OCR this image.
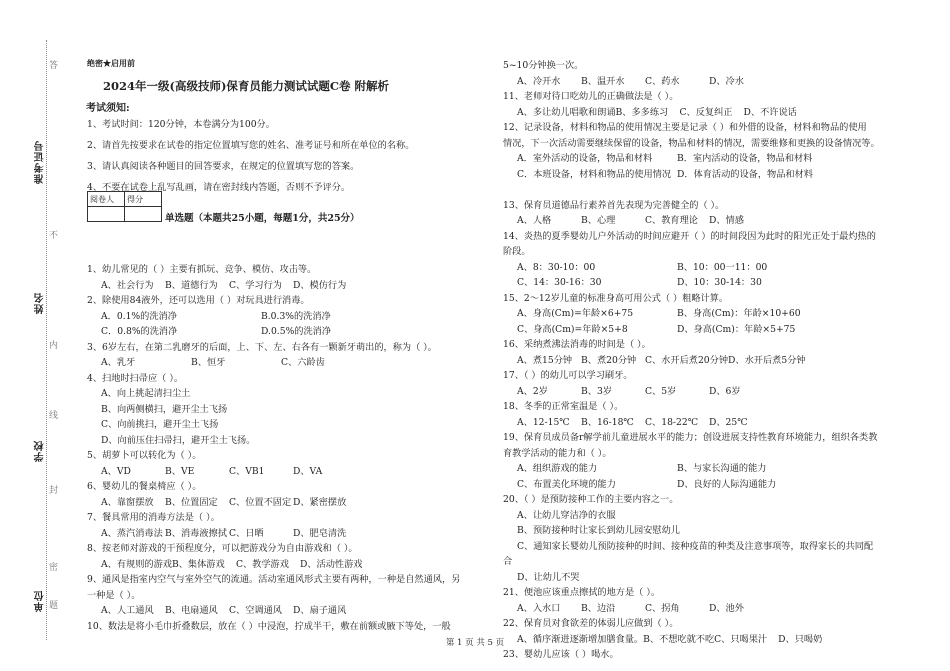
准考证号
姓名
学校
单位
答
不
内
线
封
密
题
绝密★启用前
2024年一级(高级技师)保育员能力测试试题C卷 附解析
考试须知:

1、考试时间：120分钟，本卷满分为100分。

2、请首先按要求在试卷的指定位置填写您的姓名、准考证号和所在单位的名称。

3、请认真阅读各种题目的回答要求，在规定的位置填写您的答案。

4、不要在试卷上乱写乱画，请在密封线内答题，否则不予评分。

阅卷人	得分

单选题（本题共25小题，每题1分，共25分）

1、幼儿常见的（ ）主要有抓玩、竞争、模仿、攻击等。

A、社会行为	B、道德行为	C、学习行为	D、模仿行为

2、除使用84液外，还可以选用（ ）对玩具进行消毒。

A．0.1%的洗消净	B.0.3%的洗消净

C．0.8%的洗消净	D.0.5%的洗消净

3、6岁左右，在第二乳磨牙的后面，上、下、左、右各有一颗新牙萌出的，称为（ ）。

A、乳牙	B、恒牙	C、六龄齿

4、扫地时扫帚应（ ）。

A、向上挑起清扫尘土

B、向两侧横扫，避开尘土飞扬

C、向前挑扫，避开尘土飞扬

D、向前压住扫帚扫，避开尘土飞扬。

5、胡萝卜可以转化为（ ）。

A、VD	B、VE	C、VB1	D、VA

6、婴幼儿的餐桌椅应（ ）。

A、靠窗摆放	B、位置固定	C、位置不固定 D、紧密摆放

7、餐具常用的消毒方法是（ ）。

A、蒸汽消毒法 B、消毒液擦拭 C、日晒	D、肥皂清洗

8、按老师对游戏的干预程度分，可以把游戏分为自由游戏和（ ）。

A、有规则的游戏 B、集体游戏	C、教学游戏	D、活动性游戏

9、通风是指室内空气与室外空气的流通。活动室通风形式主要有两种，一种是自然通风，另

一种是（ ）。

A、人工通风	B、电扇通风	C、空调通风	D、扇子通风

10、数法是将小毛巾折叠数层，放在（ ）中浸泡，拧成半干，敷在前额或腋下等处，一般

5~10分钟换一次。

A、冷开水	B、温开水	C、药水	D、冷水

11、老师对待口吃幼儿的正确做法是（ ）。

A、多让幼儿唱歌和朗诵 B、多多练习	C、反复纠正	D、不许说话

12、记录设备，材料和物品的使用情况主要是记录（ ）和外借的设备，材料和物品的使用

情况，下一次活动需要继续保留的设备，物品和材料的情况，需要维修和更换的设备情况等。

A．室外活动的设备，物品和材料	B．室内活动的设备，物品和材料

C．本班设备，材料和物品的使用情况 D．体育活动的设备，物品和材料

13、保育员道德品行素养首先表现为完善健全的（ ）。

A、人格	B、心理	C、教育理论	D、情感

14、炎热的夏季婴幼儿户外活动的时间应避开（ ）的时间段因为此时的阳光正处于最灼热的

阶段。

A、8：30-10：00	B、10：00一11：00

C、14：30-16：30	D、10：30-14：30

15、2～12岁儿童的标准身高可用公式（ ）粗略计算。

A、身高(Cm)=年龄×6+75	B、身高(Cm)：年龄×10+60

C、身高(Cm)=年龄×5+8	D、身高(Cm)：年龄×5+75

16、采纳煮沸法消毒的时间是（ ）。

A、煮15分钟 B、煮20分钟 C、水开后煮20分钟 D、水开后煮5分钟

17、（ ）的幼儿可以学习刷牙。

A、2岁	B、3岁	C、5岁	D、6岁

18、冬季的正常室温是（ ）。

A、12-15℃	B、16-18℃	C、18-22℃	D、25℃

19、保育员成员备r解学前儿童进展水平的能力；创设进展支持性教育环境能力，组织各类教

育教学活动的能力和（ ）。

A、组织游戏的能力	B、与家长沟通的能力

C、布置美化环境的能力	D、良好的人际沟通能力

20、（ ）是预防接种工作的主要内容之一。

A、让幼儿穿洁净的衣服

B、预防接种时让家长到幼儿园安慰幼儿

C、通知家长婴幼儿预防接种的时间、接种疫苗的种类及注意事项等，取得家长的共同配

合

D、让幼儿不哭

21、便池应该重点擦拭的地方是（ ）。

A、入水口	B、边沿	C、拐角	D、池外

22、保育员对食欲差的体弱儿应做到（ ）。

A、循序渐进逐渐增加膳食量。 B、不想吃就不吃 C、只喝果汁	D、只喝奶

23、婴幼儿应该（ ）喝水。

第 1 页 共 5 页
